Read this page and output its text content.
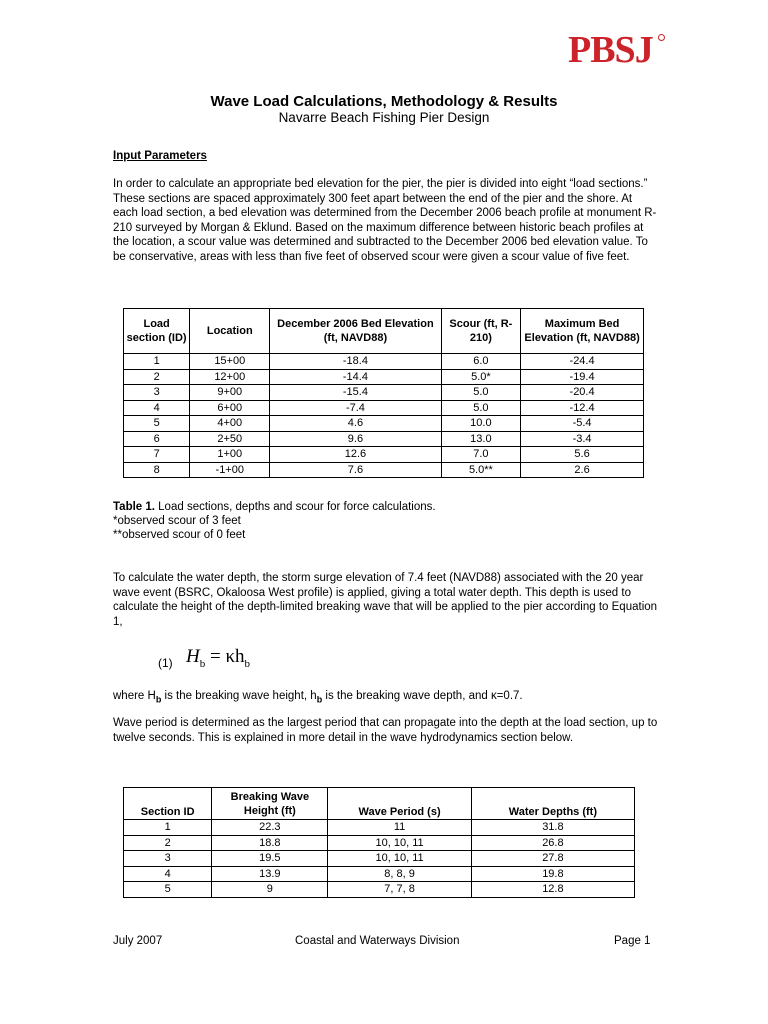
PBSJ
Wave Load Calculations, Methodology & Results
Navarre Beach Fishing Pier Design
Input Parameters

In order to calculate an appropriate bed elevation for the pier, the pier is divided into eight “load sections.” These sections are spaced approximately 300 feet apart between the end of the pier and the shore. At each load section, a bed elevation was determined from the December 2006 beach profile at monument R-210 surveyed by Morgan & Eklund. Based on the maximum difference between historic beach profiles at the location, a scour value was determined and subtracted to the December 2006 bed elevation value. To be conservative, areas with less than five feet of observed scour were given a scour value of five feet.

Load section (ID)	Location	December 2006 Bed Elevation (ft, NAVD88)	Scour (ft, R-210)	Maximum Bed Elevation (ft, NAVD88)
1	15+00	-18.4	6.0	-24.4
2	12+00	-14.4	5.0*	-19.4
3	9+00	-15.4	5.0	-20.4
4	6+00	-7.4	5.0	-12.4
5	4+00	4.6	10.0	-5.4
6	2+50	9.6	13.0	-3.4
7	1+00	12.6	7.0	5.6
8	-1+00	7.6	5.0**	2.6
Table 1. Load sections, depths and scour for force calculations.
*observed scour of 3 feet
**observed scour of 0 feet

To calculate the water depth, the storm surge elevation of 7.4 feet (NAVD88) associated with the 20 year wave event (BSRC, Okaloosa West profile) is applied, giving a total water depth. This depth is used to calculate the height of the depth-limited breaking wave that will be applied to the pier according to Equation 1,

(1) $H_b = \kappa h_b$
where $H_b$ is the breaking wave height, $h_b$ is the breaking wave depth, and κ=0.7.

Wave period is determined as the largest period that can propagate into the depth at the load section, up to twelve seconds. This is explained in more detail in the wave hydrodynamics section below.

Section ID	Breaking Wave Height (ft)	Wave Period (s)	Water Depths (ft)
1	22.3	11	31.8
2	18.8	10, 10, 11	26.8
3	19.5	10, 10, 11	27.8
4	13.9	8, 8, 9	19.8
5	9	7, 7, 8	12.8
July 2007	Coastal and Waterways Division	Page 1
